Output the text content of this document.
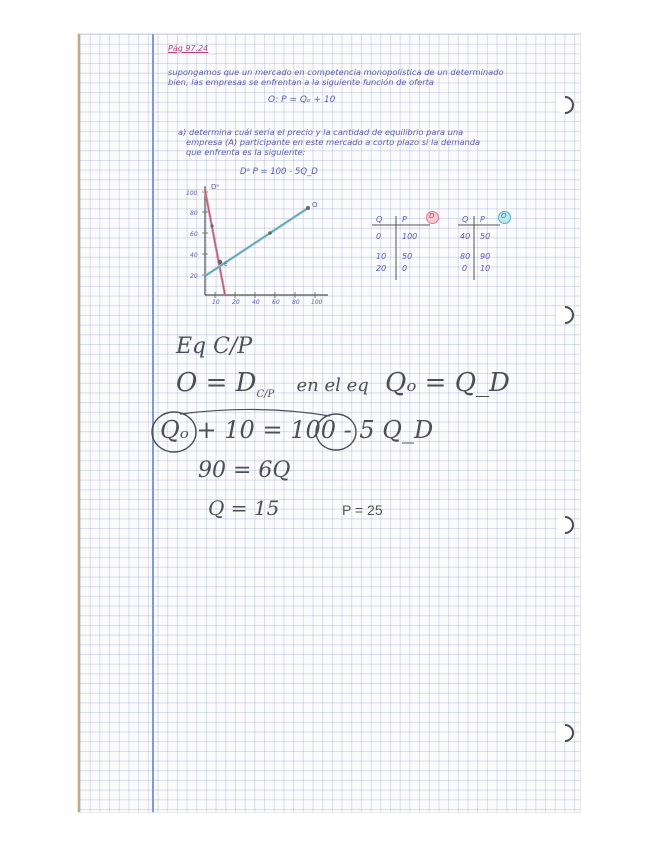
Pág 97.24
supongamos que un mercado en competencia monopolística de un determinado
bien, las empresas se enfrentan a la siguiente función de oferta
O: P = Qₒ + 10
a) determina cuál sería el precio y la cantidad de equilibrio para una
empresa (A) participante en este mercado a corto plazo si la demanda
que enfrenta es la siguiente:
Dᵃ P = 100 - 5Q_D
100
80
60
40
20
10 20 40 60 80 100
Dᵃ
O
E
Q P	D
0	100
10 50
20 0
Q P O
40 50
80 90
0 10
Eq C/P
$O = D_{C/P}$ en el eq Qₒ = Q_D
Qₒ + 10 = 100 - 5 Q_D
90 = 6Q
Q = 15	P = 25
